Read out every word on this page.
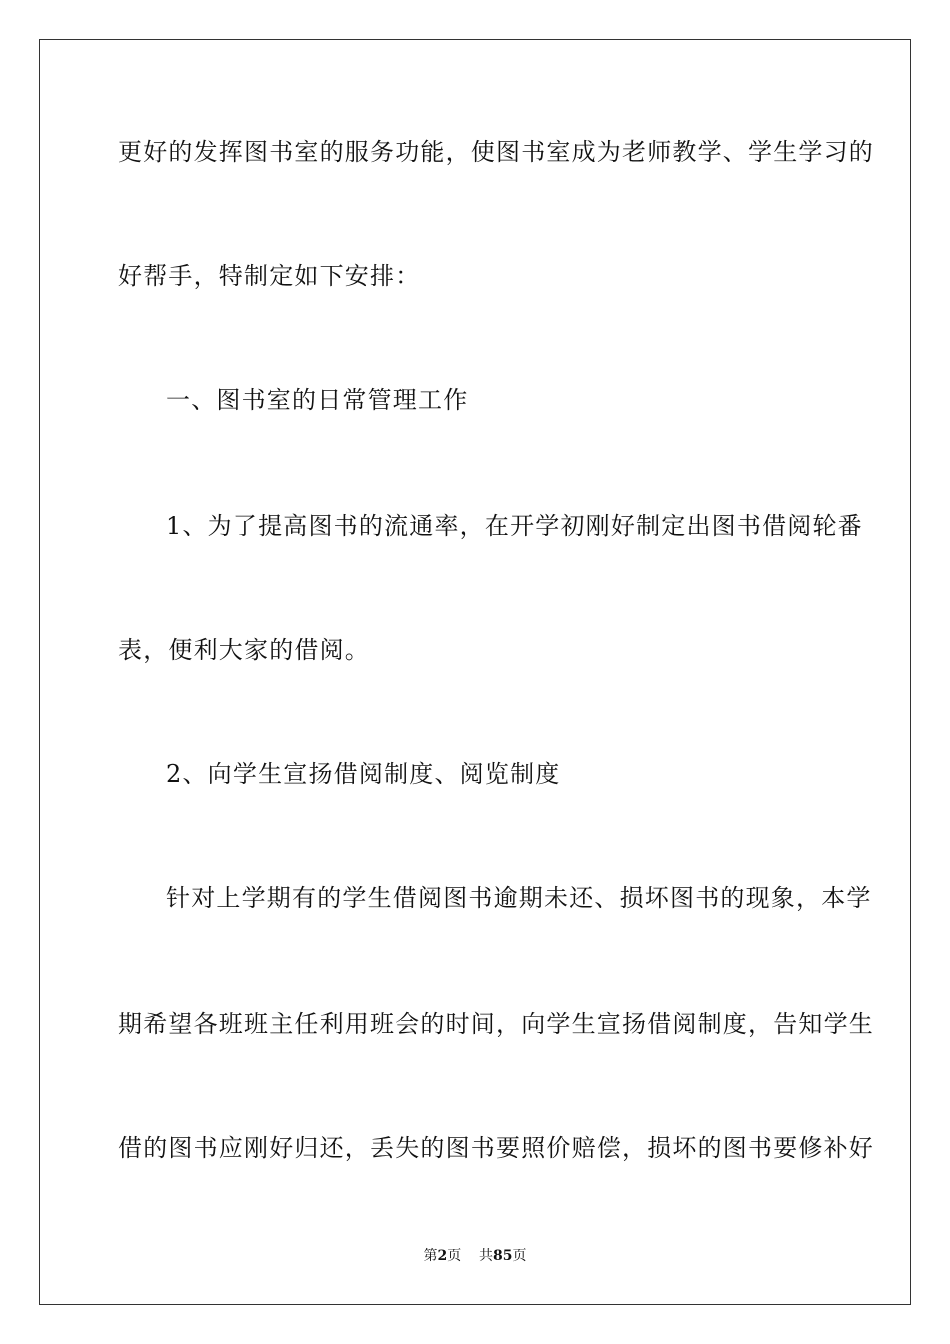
更好的发挥图书室的服务功能，使图书室成为老师教学、学生学习的
好帮手，特制定如下安排：
一、图书室的日常管理工作
1、为了提高图书的流通率，在开学初刚好制定出图书借阅轮番
表，便利大家的借阅。
2、向学生宣扬借阅制度、阅览制度
针对上学期有的学生借阅图书逾期未还、损坏图书的现象，本学
期希望各班班主任利用班会的时间，向学生宣扬借阅制度，告知学生
借的图书应刚好归还，丢失的图书要照价赔偿，损坏的图书要修补好
第2页 共85页
